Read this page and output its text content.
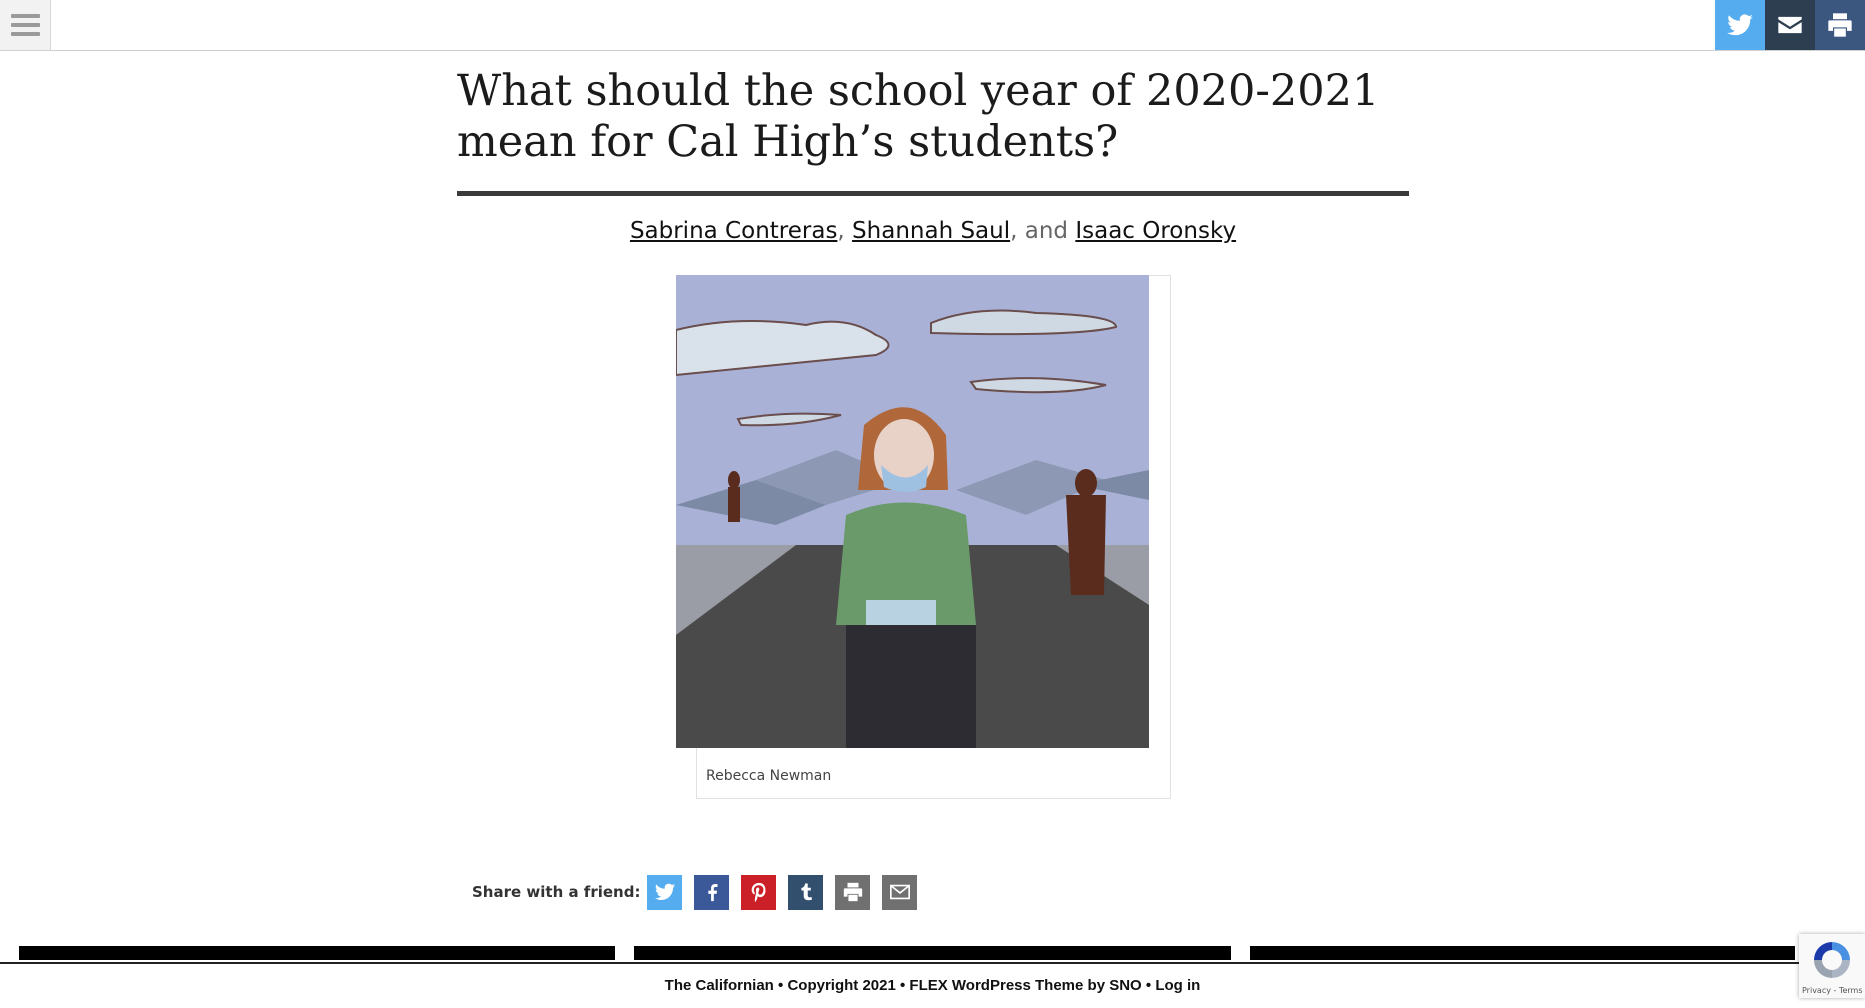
What should the school year of 2020-2021 mean for Cal High’s students?
Sabrina Contreras, Shannah Saul, and Isaac Oronsky
Rebecca Newman
Share with a friend:
The Californian • Copyright 2021 • FLEX WordPress Theme by SNO • Log in	Privacy - Terms
